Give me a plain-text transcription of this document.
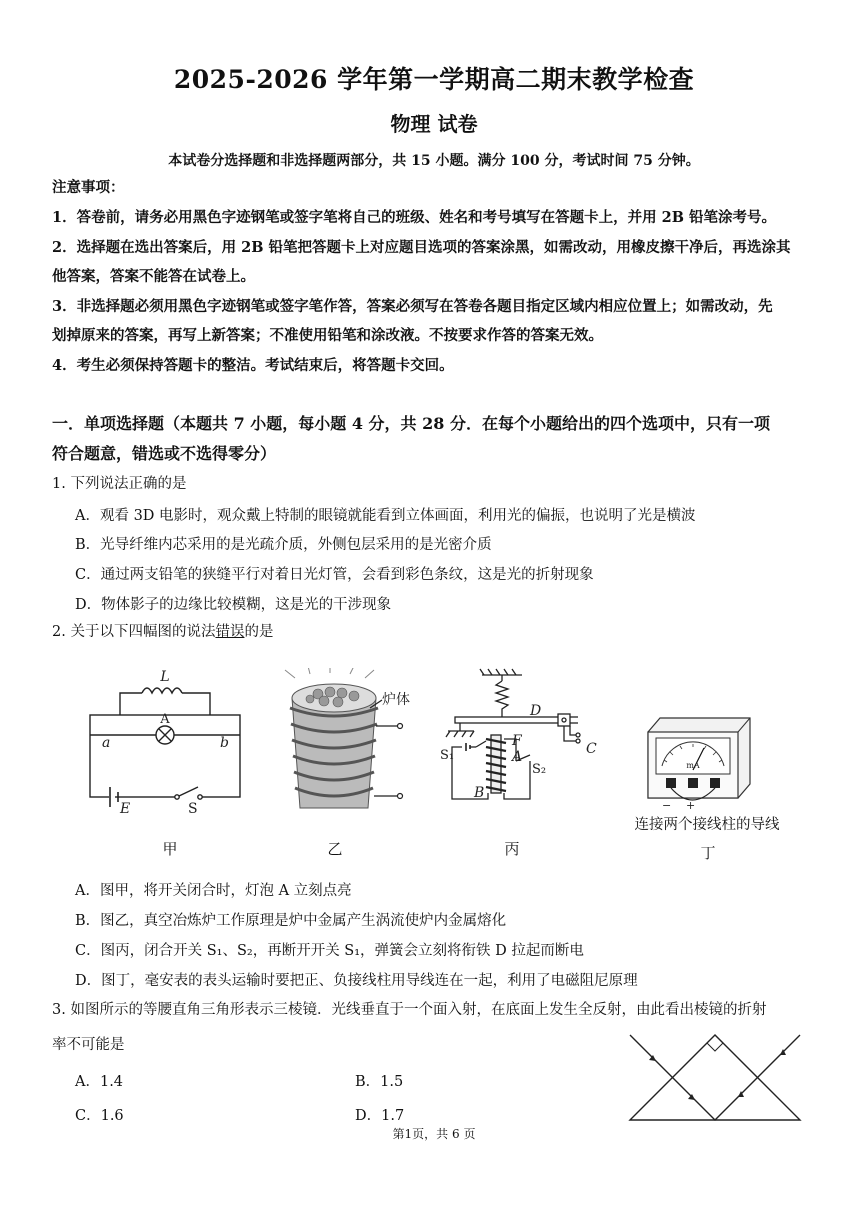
2025-2026 学年第一学期高二期末教学检查
物理 试卷
本试卷分选择题和非选择题两部分，共 15 小题。满分 100 分，考试时间 75 分钟。
注意事项：
1．答卷前，请务必用黑色字迹钢笔或签字笔将自己的班级、姓名和考号填写在答题卡上，并用 2B 铅笔涂考号。
2．选择题在选出答案后，用 2B 铅笔把答题卡上对应题目选项的答案涂黑，如需改动，用橡皮擦干净后，再选涂其
他答案，答案不能答在试卷上。
3．非选择题必须用黑色字迹钢笔或签字笔作答，答案必须写在答卷各题目指定区域内相应位置上；如需改动，先
划掉原来的答案，再写上新答案；不准使用铅笔和涂改液。不按要求作答的答案无效。
4．考生必须保持答题卡的整洁。考试结束后，将答题卡交回。
一．单项选择题（本题共 7 小题，每小题 4 分，共 28 分．在每个小题给出的四个选项中，只有一项
符合题意，错选或不选得零分）
1. 下列说法正确的是
A．观看 3D 电影时，观众戴上特制的眼镜就能看到立体画面，利用光的偏振，也说明了光是横波
B．光导纤维内芯采用的是光疏介质，外侧包层采用的是光密介质
C．通过两支铅笔的狭缝平行对着日光灯管，会看到彩色条纹，这是光的折射现象
D．物体影子的边缘比较模糊，这是光的干涉现象
2. 关于以下四幅图的说法错误的是
L
A
a	b
E	S
炉体
D
C
S₁
S₂
F
A
B
mA
− +
连接两个接线柱的导线
甲	乙	丙	丁
A．图甲，将开关闭合时，灯泡 A 立刻点亮
B．图乙，真空冶炼炉工作原理是炉中金属产生涡流使炉内金属熔化
C．图丙，闭合开关 S₁、S₂，再断开开关 S₁，弹簧会立刻将衔铁 D 拉起而断电
D．图丁，毫安表的表头运输时要把正、负接线柱用导线连在一起，利用了电磁阻尼原理
3. 如图所示的等腰直角三角形表示三棱镜．光线垂直于一个面入射，在底面上发生全反射，由此看出棱镜的折射
率不可能是
A．1.4	B．1.5
C．1.6	D．1.7
第1页，共 6 页
